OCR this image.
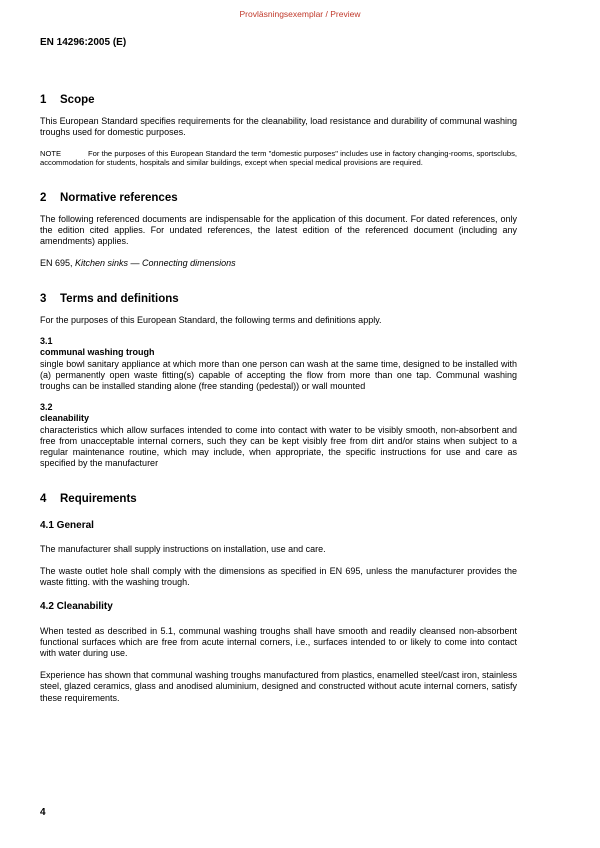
Provläsningsexemplar / Preview
EN 14296:2005 (E)
1	Scope

This European Standard specifies requirements for the cleanability, load resistance and durability of communal washing troughs used for domestic purposes.

NOTE	For the purposes of this European Standard the term "domestic purposes" includes use in factory changing-rooms, sportsclubs, accommodation for students, hospitals and similar buildings, except when special medical provisions are required.

2	Normative references

The following referenced documents are indispensable for the application of this document. For dated references, only the edition cited applies. For undated references, the latest edition of the referenced document (including any amendments) applies.

EN 695, Kitchen sinks — Connecting dimensions

3	Terms and definitions

For the purposes of this European Standard, the following terms and definitions apply.

3.1
communal washing trough

single bowl sanitary appliance at which more than one person can wash at the same time, designed to be installed with (a) permanently open waste fitting(s) capable of accepting the flow from more than one tap. Communal washing troughs can be installed standing alone (free standing (pedestal)) or wall mounted

3.2
cleanability

characteristics which allow surfaces intended to come into contact with water to be visibly smooth, non-absorbent and free from unacceptable internal corners, such they can be kept visibly free from dirt and/or stains when subject to a regular maintenance routine, which may include, when appropriate, the specific instructions for use and care as specified by the manufacturer

4	Requirements
4.1 General

The manufacturer shall supply instructions on installation, use and care.

The waste outlet hole shall comply with the dimensions as specified in EN 695, unless the manufacturer provides the waste fitting. with the washing trough.

4.2 Cleanability

When tested as described in 5.1, communal washing troughs shall have smooth and readily cleansed non-absorbent functional surfaces which are free from acute internal corners, i.e., surfaces intended to or likely to come into contact with water during use.

Experience has shown that communal washing troughs manufactured from plastics, enamelled steel/cast iron, stainless steel, glazed ceramics, glass and anodised aluminium, designed and constructed without acute internal corners, satisfy these requirements.

4
